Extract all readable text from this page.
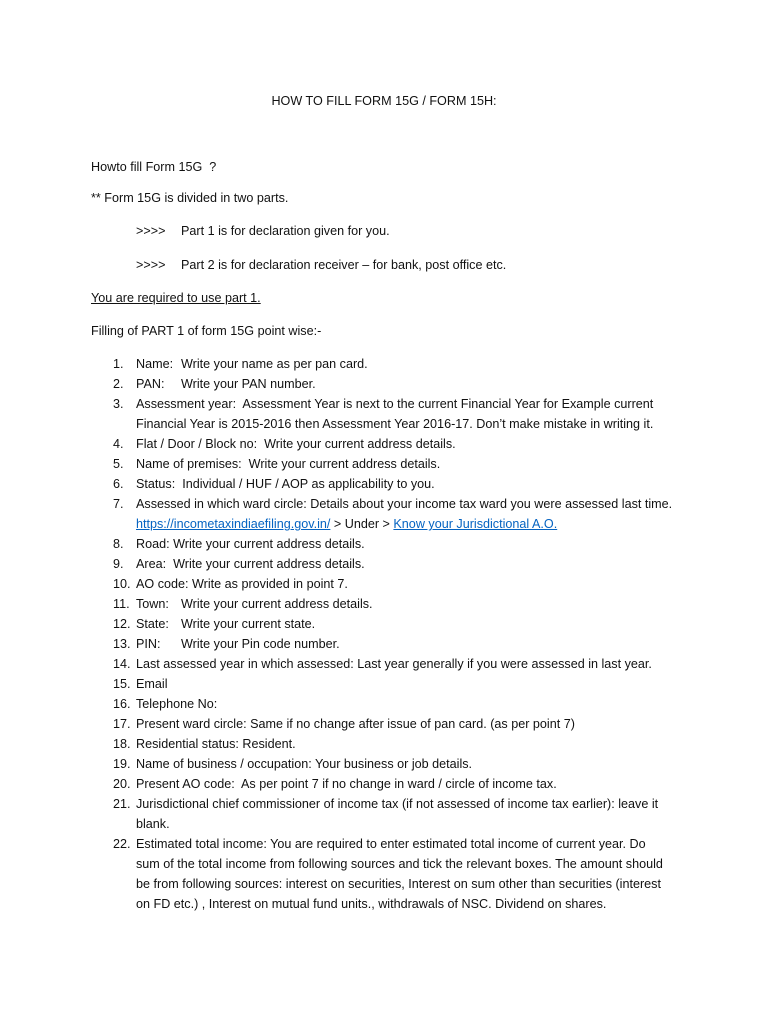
HOW TO FILL FORM 15G / FORM 15H:
Howto fill Form 15G  ?
** Form 15G is divided in two parts.
>>>> Part 1 is for declaration given for you.
>>>> Part 2 is for declaration receiver – for bank, post office etc.
You are required to use part 1.
Filling of PART 1 of form 15G point wise:-
1. Name:	Write your name as per pan card.
2. PAN:	Write your PAN number.
3. Assessment year:  Assessment Year is next to the current Financial Year for Example current
Financial Year is 2015-2016 then Assessment Year 2016-17. Don’t make mistake in writing it.
4. Flat / Door / Block no:  Write your current address details.
5. Name of premises:  Write your current address details.
6. Status:  Individual / HUF / AOP as applicability to you.
7. Assessed in which ward circle: Details about your income tax ward you were assessed last time.
https://incometaxindiaefiling.gov.in/ > Under > Know your Jurisdictional A.O.
8. Road: Write your current address details.
9. Area:  Write your current address details.
10. AO code: Write as provided in point 7.
11. Town:	Write your current address details.
12. State:	Write your current state.
13. PIN:	Write your Pin code number.
14. Last assessed year in which assessed: Last year generally if you were assessed in last year.
15. Email
16. Telephone No:
17. Present ward circle: Same if no change after issue of pan card. (as per point 7)
18. Residential status: Resident.
19. Name of business / occupation: Your business or job details.
20. Present AO code:  As per point 7 if no change in ward / circle of income tax.
21. Jurisdictional chief commissioner of income tax (if not assessed of income tax earlier): leave it
blank.
22. Estimated total income: You are required to enter estimated total income of current year. Do
sum of the total income from following sources and tick the relevant boxes. The amount should
be from following sources: interest on securities, Interest on sum other than securities (interest
on FD etc.) , Interest on mutual fund units., withdrawals of NSC. Dividend on shares.
